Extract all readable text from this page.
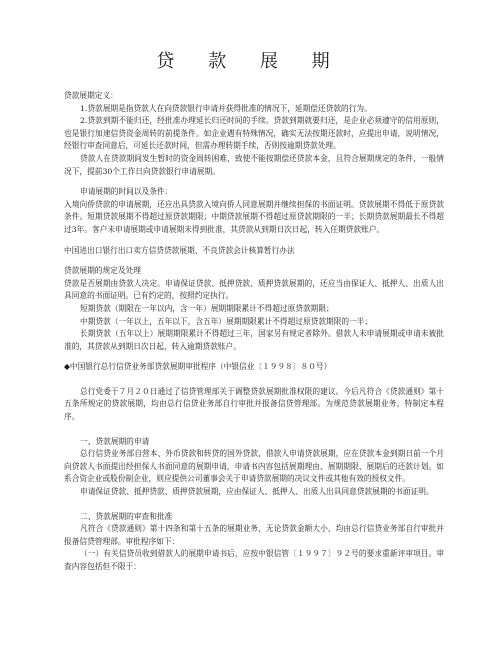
贷 款 展 期

贷款展期定义：

1.贷款展期是指贷款人在向贷款银行申请并获得批准的情况下，延期偿还贷款的行为。

2.贷款到期不能归还，经批准办理延长归还时间的手续。贷款到期就要归还，是企业必须遵守的信用原则，也是银行加速信贷资金周转的前提条件。如企业遇有特殊情况，确实无法按期还款时，应提出申请，说明情况，经银行审查同意后，可延长还款时间，但需办理转期手续，否则按逾期贷款处理。

贷款人在贷款期间发生暂时的资金周转困难，致使不能按期偿还贷款本金，且符合展期规定的条件，一般情况下，提前30个工作日向贷款银行申请展期。

申请展期的时间以及条件：

入境向侨贷款的申请展期，还应出具贷款入境向侨人同意展期并继续担保的书面证明。贷款展期不得低于原贷款条件。短期贷款展期不得超过原贷款期限；中期贷款展期不得超过原贷款期限的一半；长期贷款展期最长不得超过3年。客户未申请展期或申请展期未得到批准，其贷款从到期日次日起，转入任期贷款账户。

中国进出口银行出口卖方信贷贷款展期、不良贷款会计核算暂行办法

贷款展期的规定及处理

贷款是否展期由贷款人决定。申请保证贷款、抵押贷款、质押贷款展期的，还应当由保证人、抵押人、出质人出具同意的书面证明。已有约定的，按照约定执行。

短期贷款（期限在一年以内，含一年）展期期限累计不得超过原贷款期限；

中期贷款（一年以上，五年以下，含五年）展期期限累计不得超过原贷款期限的一半；

长期贷款（五年以上）展期期限累计不得超过三年，国家另有规定者除外。借款人未申请展期或申请未被批准的，其贷款从到期日次日起，转入逾期贷款账户。

◆中国银行总行信贷业务部贷款展期审批程序（中银信业〔１９９８〕８０号）

总行党委于７月２０日通过了信贷管理部关于调整贷款展期批准权限的建议。今后凡符合《贷款通则》第十五条所规定的贷款展期，均由总行信贷业务部自行审批并报备信贷管理部。为规范贷款展期业务，特制定本程序。

一、贷款展期的申请

总行信贷业务部自营本、外币贷款和转贷的国外贷款，借款人申请贷款展期，应在贷款本金到期日前一个月向贷款人书面提出经担保人书面同意的展期申请，申请书内容包括展期理由、展期期限、展期后的还款计划。如系合资企业或股份制企业，则应提供公司董事会关于申请贷款展期的决议文件或其他有效的授权文件。

申请保证贷款、抵押贷款、质押贷款展期，应由保证人、抵押人、出质人出具同意贷款展期的书面证明。

二、贷款展期的审查和批准

凡符合《贷款通则》第十四条和第十五条的展期业务，无论贷款金额大小，均由总行信贷业务部自行审批并报备信贷管理部。审批程序如下：

（一）有关信贷员收到借款人的展期申请书后，应按中银信管〔１９９７〕９２号的要求重新评审项目。审查内容包括但不限于：
